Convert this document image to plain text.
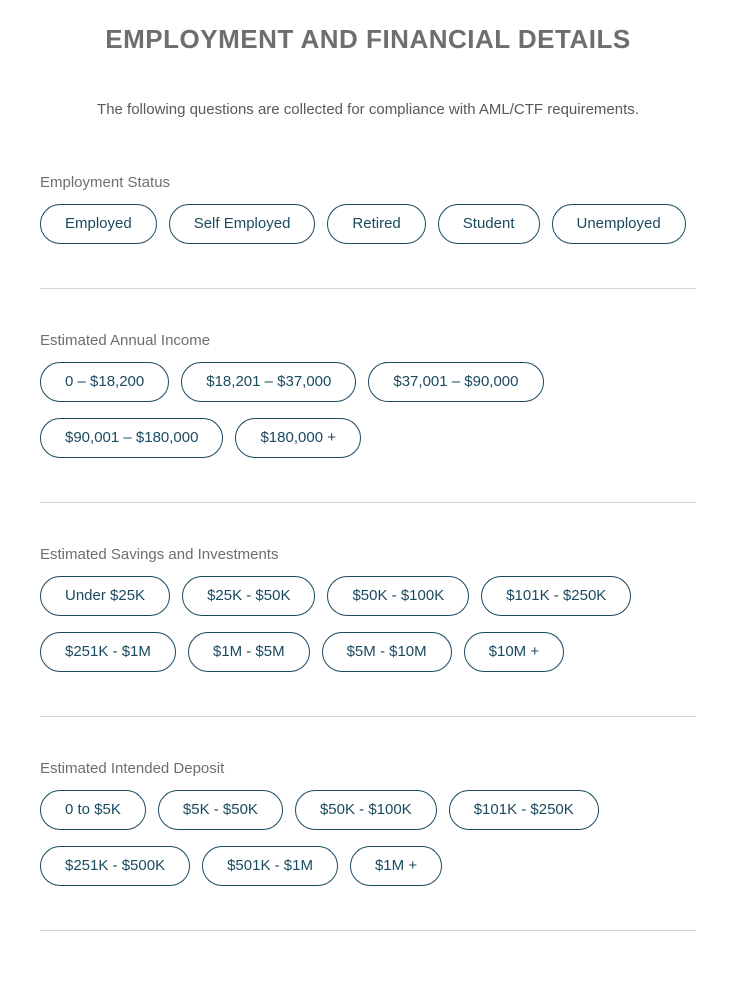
EMPLOYMENT AND FINANCIAL DETAILS

The following questions are collected for compliance with AML/CTF requirements.

Employment Status
Employed	Self Employed	Retired	Student	Unemployed
Estimated Annual Income
0 – $18,200	$18,201 – $37,000	$37,001 – $90,000
$90,001 – $180,000	$180,000 +
Estimated Savings and Investments
Under $25K	$25K - $50K	$50K - $100K	$101K - $250K
$251K - $1M	$1M - $5M	$5M - $10M	$10M +
Estimated Intended Deposit
0 to $5K	$5K - $50K	$50K - $100K	$101K - $250K
$251K - $500K	$501K - $1M	$1M +
